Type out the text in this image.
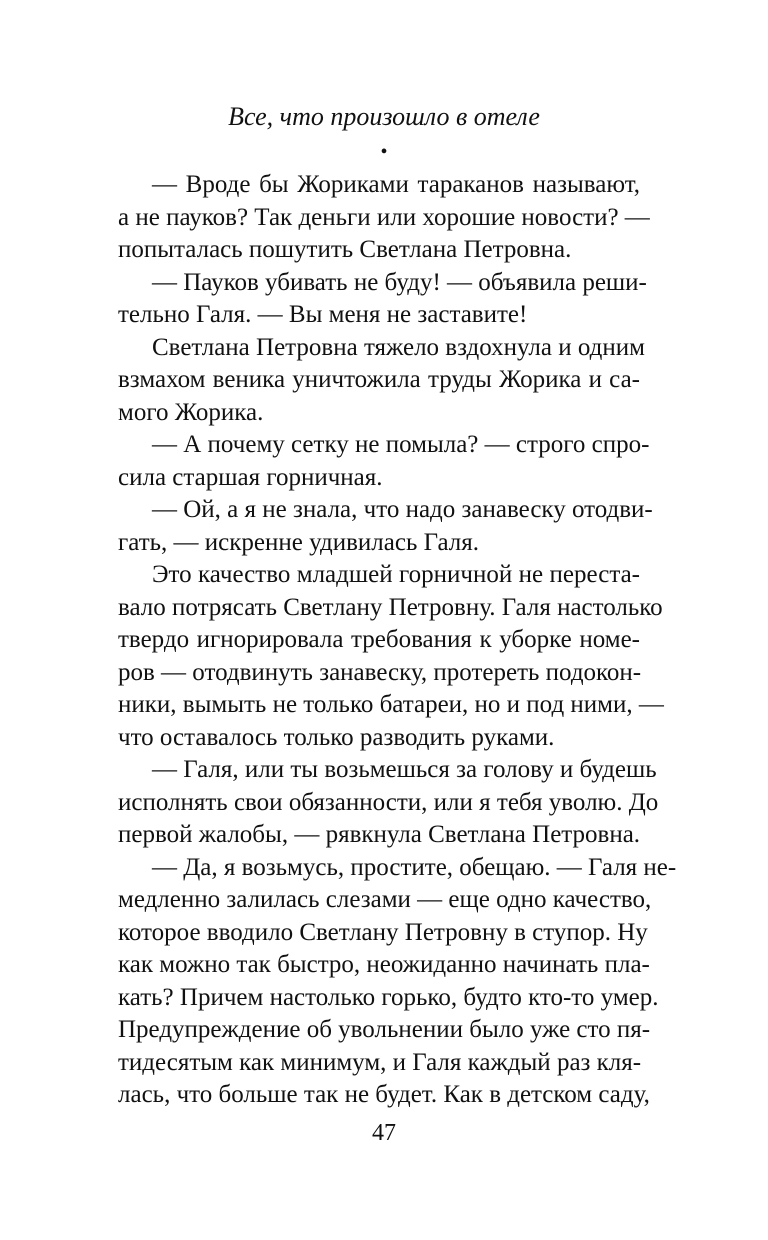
Все, что произошло в отеле
•
— Вроде бы Жориками тараканов называют,
а не пауков? Так деньги или хорошие новости? —
попыталась пошутить Светлана Петровна.
— Пауков убивать не буду! — объявила реши-
тельно Галя. — Вы меня не заставите!
Светлана Петровна тяжело вздохнула и одним
взмахом веника уничтожила труды Жорика и са-
мого Жорика.
— А почему сетку не помыла? — строго спро-
сила старшая горничная.
— Ой, а я не знала, что надо занавеску отодви-
гать, — искренне удивилась Галя.
Это качество младшей горничной не переста-
вало потрясать Светлану Петровну. Галя настолько
твердо игнорировала требования к уборке номе-
ров — отодвинуть занавеску, протереть подокон-
ники, вымыть не только батареи, но и под ними, —
что оставалось только разводить руками.
— Галя, или ты возьмешься за голову и будешь
исполнять свои обязанности, или я тебя уволю. До
первой жалобы, — рявкнула Светлана Петровна.
— Да, я возьмусь, простите, обещаю. — Галя не-
медленно залилась слезами — еще одно качество,
которое вводило Светлану Петровну в ступор. Ну
как можно так быстро, неожиданно начинать пла-
кать? Причем настолько горько, будто кто-то умер.
Предупреждение об увольнении было уже сто пя-
тидесятым как минимум, и Галя каждый раз кля-
лась, что больше так не будет. Как в детском саду,
47
